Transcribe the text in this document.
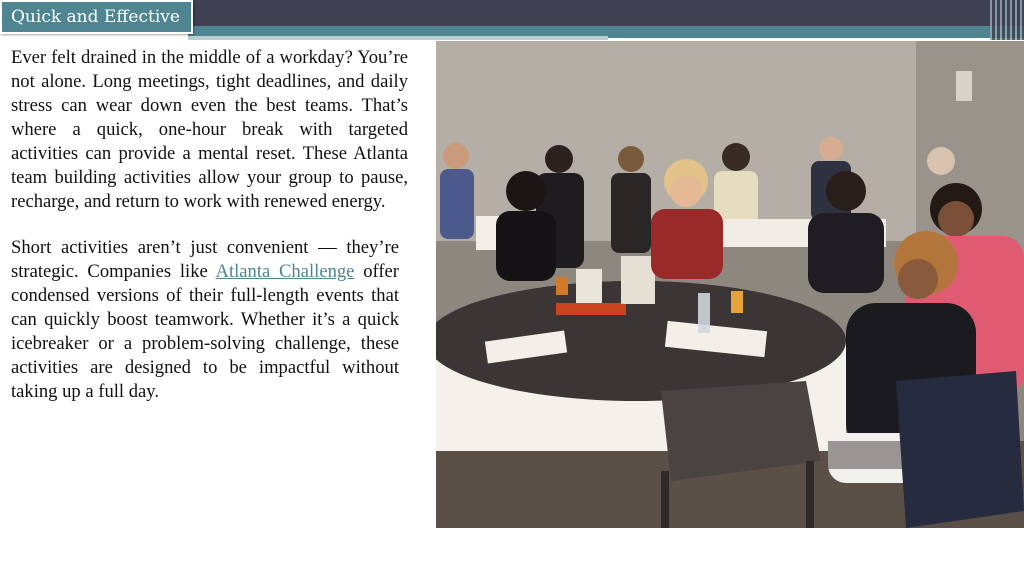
Quick and Effective

Ever felt drained in the middle of a workday? You’re not alone. Long meetings, tight deadlines, and daily stress can wear down even the best teams. That’s where a quick, one-hour break with targeted activities can provide a mental reset. These Atlanta team building activities allow your group to pause, recharge, and return to work with renewed energy.

Short activities aren’t just convenient — they’re strategic. Companies like Atlanta Challenge offer condensed versions of their full-length events that can quickly boost teamwork. Whether it’s a quick icebreaker or a problem-solving challenge, these activities are designed to be impactful without taking up a full day.
